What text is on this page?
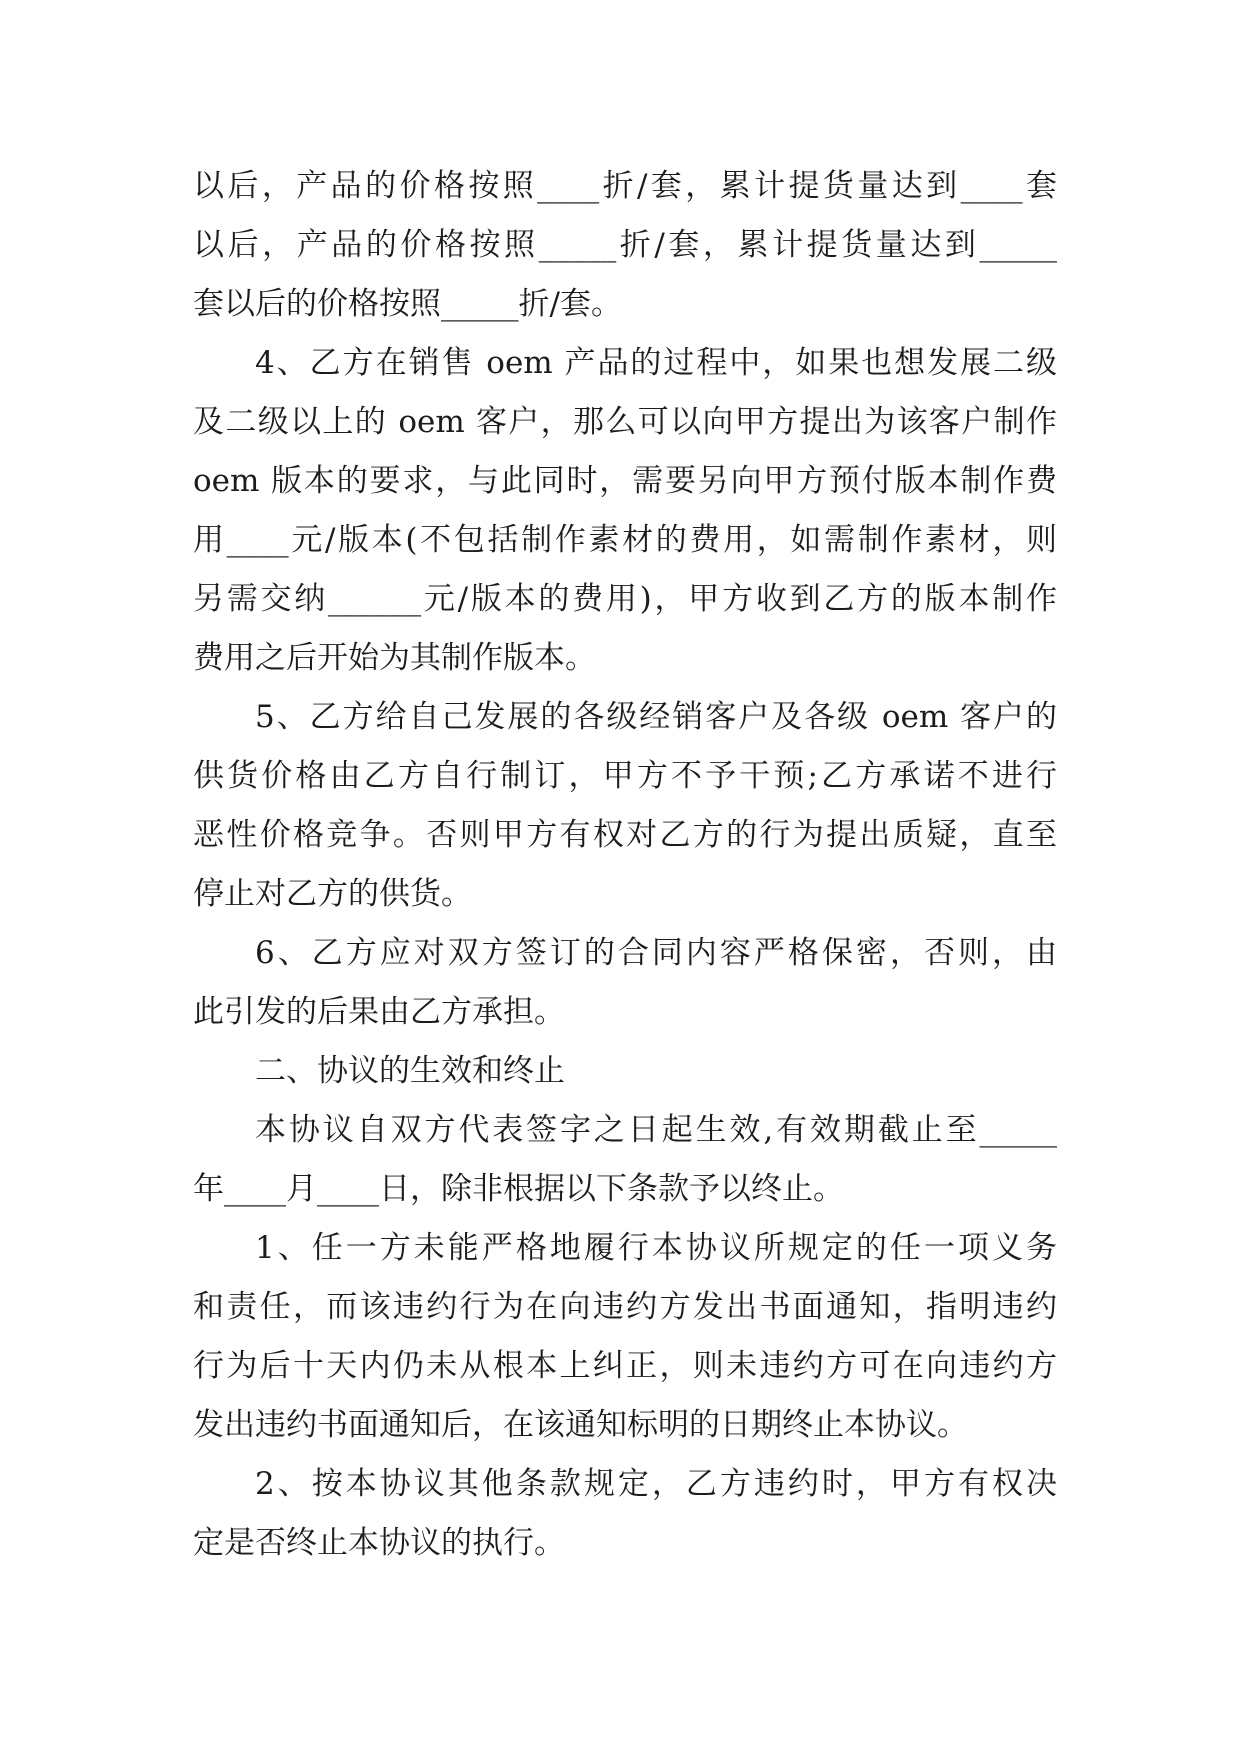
以后，产品的价格按照____折/套，累计提货量达到____套
以后，产品的价格按照_____折/套，累计提货量达到_____
套以后的价格按照_____折/套。
4、乙方在销售 oem 产品的过程中，如果也想发展二级
及二级以上的 oem 客户，那么可以向甲方提出为该客户制作
oem 版本的要求，与此同时，需要另向甲方预付版本制作费
用____元/版本(不包括制作素材的费用，如需制作素材，则
另需交纳______元/版本的费用)，甲方收到乙方的版本制作
费用之后开始为其制作版本。
5、乙方给自己发展的各级经销客户及各级 oem 客户的
供货价格由乙方自行制订，甲方不予干预;乙方承诺不进行
恶性价格竞争。否则甲方有权对乙方的行为提出质疑，直至
停止对乙方的供货。
6、乙方应对双方签订的合同内容严格保密，否则，由
此引发的后果由乙方承担。
二、协议的生效和终止
本协议自双方代表签字之日起生效,有效期截止至_____
年____月____日，除非根据以下条款予以终止。
1、任一方未能严格地履行本协议所规定的任一项义务
和责任，而该违约行为在向违约方发出书面通知，指明违约
行为后十天内仍未从根本上纠正，则未违约方可在向违约方
发出违约书面通知后，在该通知标明的日期终止本协议。
2、按本协议其他条款规定，乙方违约时，甲方有权决
定是否终止本协议的执行。
